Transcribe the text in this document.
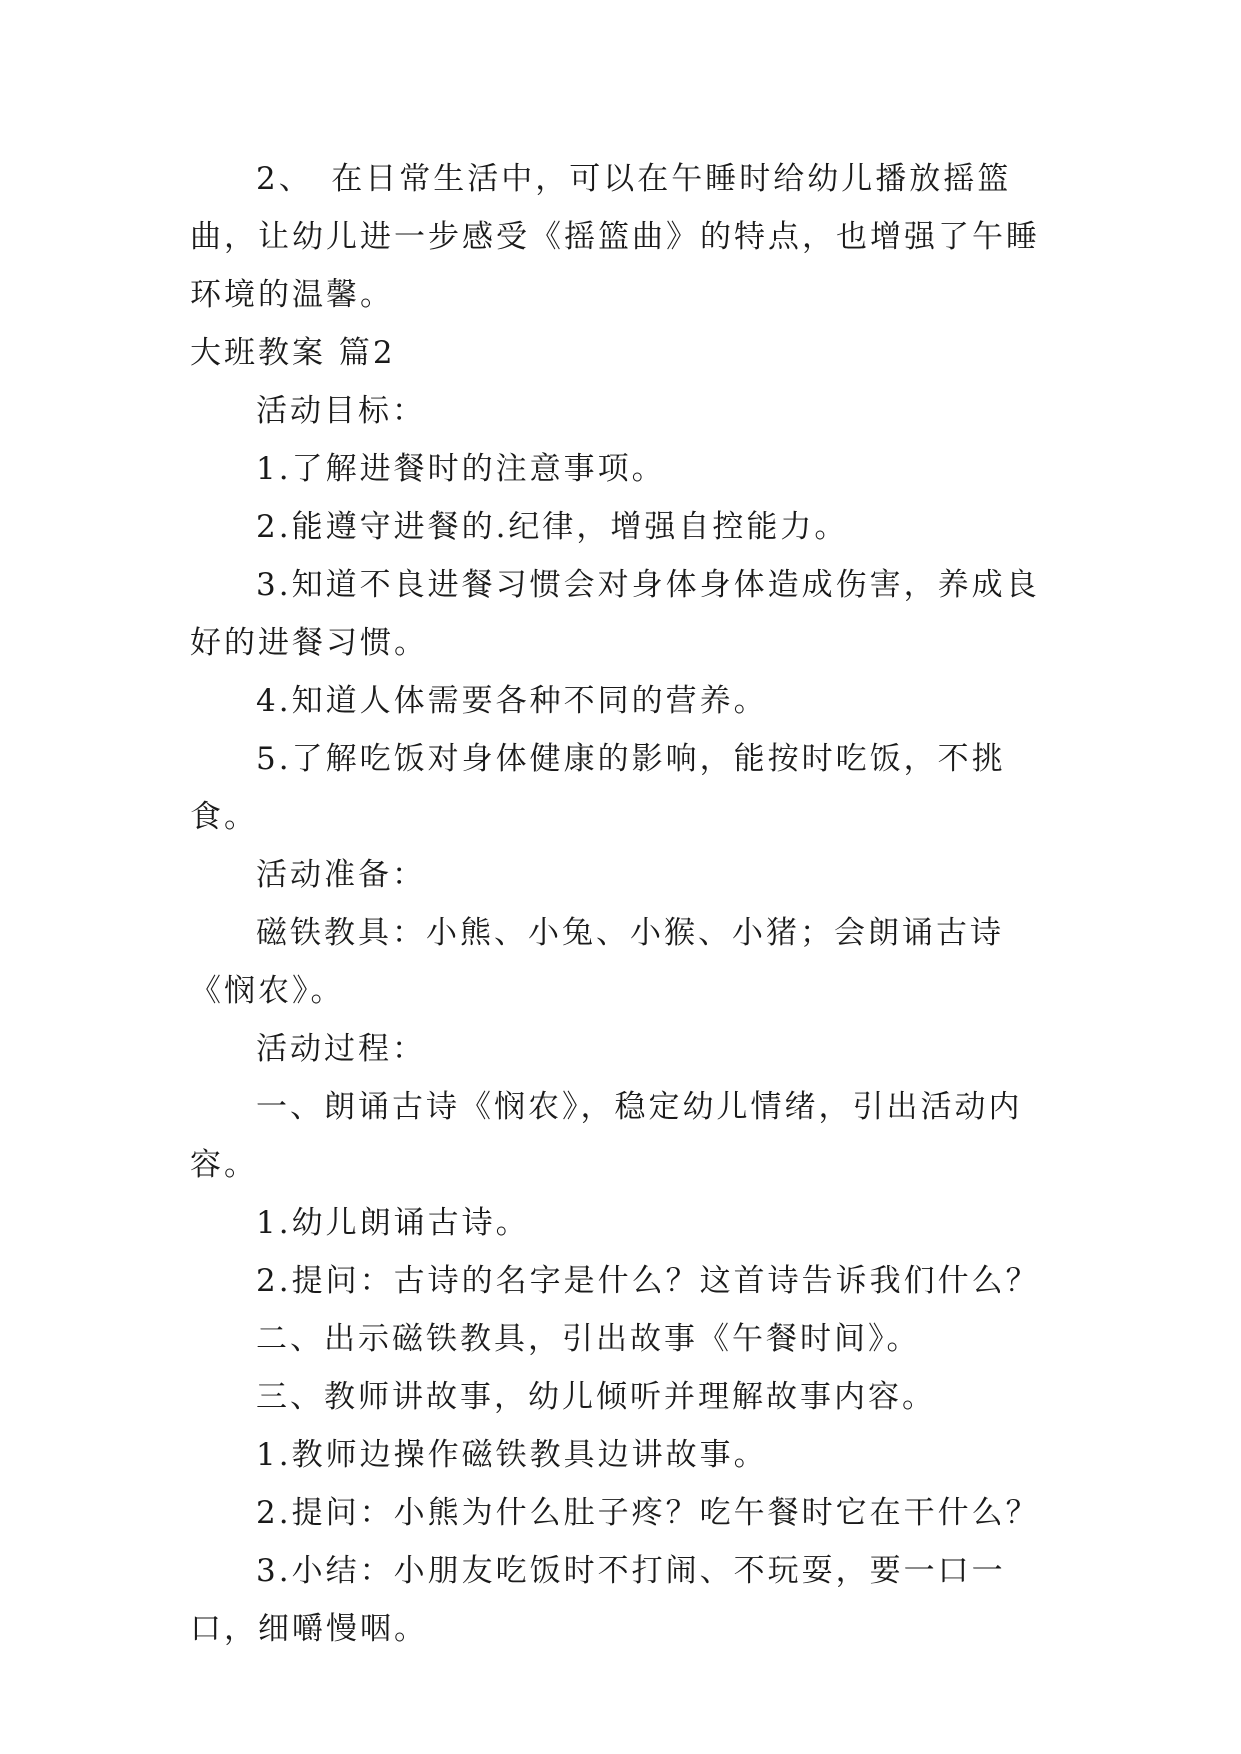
2、　在日常生活中，可以在午睡时给幼儿播放摇篮曲，让幼儿进一步感受《摇篮曲》的特点，也增强了午睡环境的温馨。

大班教案 篇2

活动目标：

1.了解进餐时的注意事项。

2.能遵守进餐的.纪律，增强自控能力。

3.知道不良进餐习惯会对身体身体造成伤害，养成良好的进餐习惯。

4.知道人体需要各种不同的营养。

5.了解吃饭对身体健康的影响，能按时吃饭，不挑食。

活动准备：

磁铁教具：小熊、小兔、小猴、小猪；会朗诵古诗《悯农》。

活动过程：

一、朗诵古诗《悯农》，稳定幼儿情绪，引出活动内容。

1.幼儿朗诵古诗。

2.提问：古诗的名字是什么？这首诗告诉我们什么？

二、出示磁铁教具，引出故事《午餐时间》。

三、教师讲故事，幼儿倾听并理解故事内容。

1.教师边操作磁铁教具边讲故事。

2.提问：小熊为什么肚子疼？吃午餐时它在干什么？

3.小结：小朋友吃饭时不打闹、不玩耍，要一口一口，细嚼慢咽。
